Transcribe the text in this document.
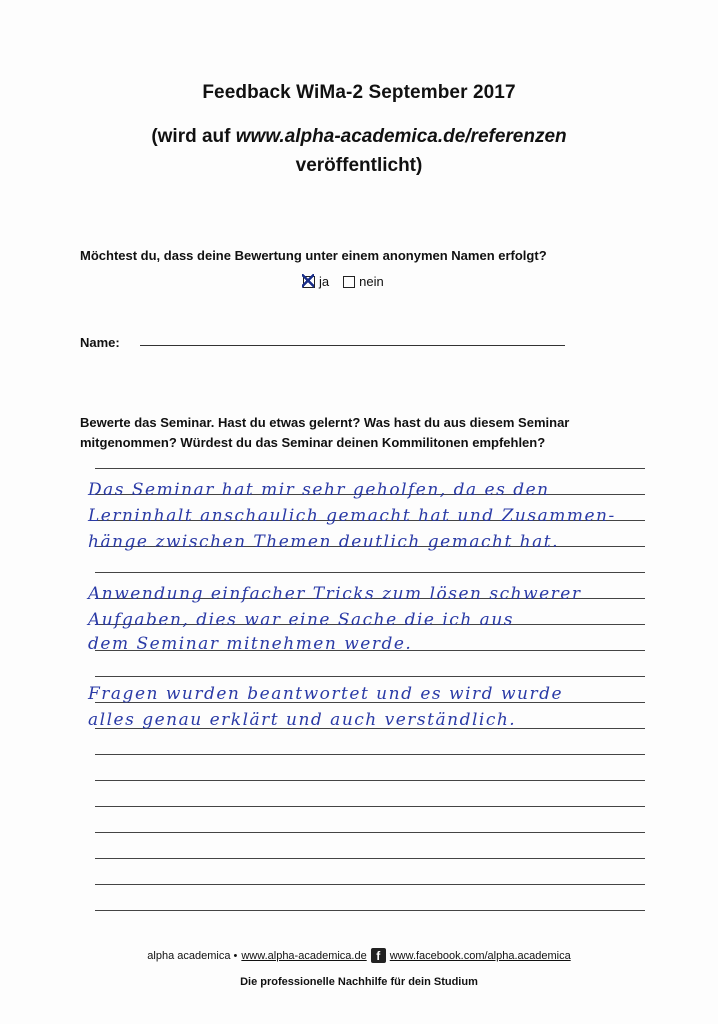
Feedback WiMa-2 September 2017
(wird auf www.alpha-academica.de/referenzen
veröffentlicht)
Möchtest du, dass deine Bewertung unter einem anonymen Namen erfolgt?
ja nein
Name:
Bewerte das Seminar. Hast du etwas gelernt? Was hast du aus diesem Seminar
mitgenommen? Würdest du das Seminar deinen Kommilitonen empfehlen?
Das Seminar hat mir sehr geholfen, da es den
Lerninhalt anschaulich gemacht hat und Zusammen-
hänge zwischen Themen deutlich gemacht hat.
Anwendung einfacher Tricks zum lösen schwerer
Aufgaben, dies war eine Sache die ich aus
dem Seminar mitnehmen werde.
Fragen wurden beantwortet und es wird wurde
alles genau erklärt und auch verständlich.
alpha academica • www.alpha-academica.de f www.facebook.com/alpha.academica
Die professionelle Nachhilfe für dein Studium
